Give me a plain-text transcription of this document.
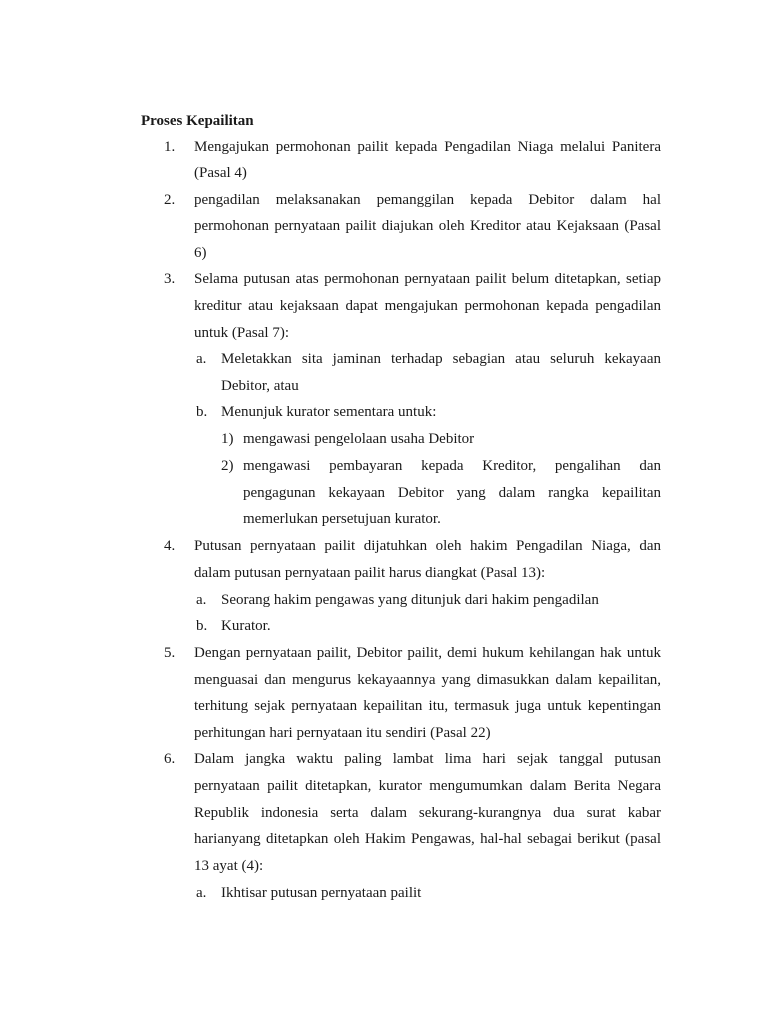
Proses Kepailitan
1. Mengajukan permohonan pailit kepada Pengadilan Niaga melalui Panitera
(Pasal 4)
2. pengadilan melaksanakan pemanggilan kepada Debitor dalam hal
permohonan pernyataan pailit diajukan oleh Kreditor atau Kejaksaan (Pasal
6)
3. Selama putusan atas permohonan pernyataan pailit belum ditetapkan, setiap
kreditur atau kejaksaan dapat mengajukan permohonan kepada pengadilan
untuk (Pasal 7):
a. Meletakkan sita jaminan terhadap sebagian atau seluruh kekayaan
Debitor, atau
b. Menunjuk kurator sementara untuk:
1) mengawasi pengelolaan usaha Debitor
2) mengawasi pembayaran kepada Kreditor, pengalihan dan
pengagunan kekayaan Debitor yang dalam rangka kepailitan
memerlukan persetujuan kurator.
4. Putusan pernyataan pailit dijatuhkan oleh hakim Pengadilan Niaga, dan
dalam putusan pernyataan pailit harus diangkat (Pasal 13):
a. Seorang hakim pengawas yang ditunjuk dari hakim pengadilan
b. Kurator.
5. Dengan pernyataan pailit, Debitor pailit, demi hukum kehilangan hak untuk
menguasai dan mengurus kekayaannya yang dimasukkan dalam kepailitan,
terhitung sejak pernyataan kepailitan itu, termasuk juga untuk kepentingan
perhitungan hari pernyataan itu sendiri (Pasal 22)
6. Dalam jangka waktu paling lambat lima hari sejak tanggal putusan
pernyataan pailit ditetapkan, kurator mengumumkan dalam Berita Negara
Republik indonesia serta dalam sekurang-kurangnya dua surat kabar
harianyang ditetapkan oleh Hakim Pengawas, hal-hal sebagai berikut (pasal
13 ayat (4):
a. Ikhtisar putusan pernyataan pailit
